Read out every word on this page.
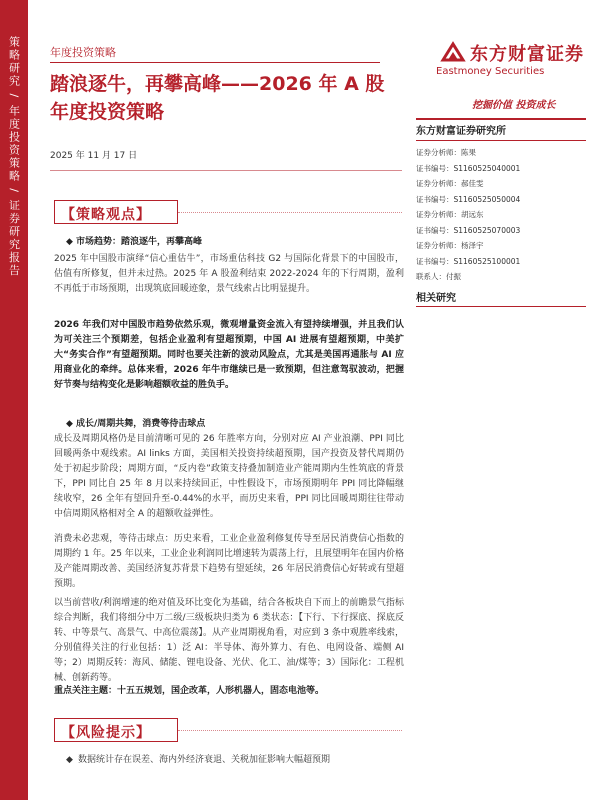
策略研究 / 年度投资策略 / 证券研究报告	年度投资策略	东方财富证券
Eastmoney Securities
挖掘价值 投资成长
踏浪逐牛，再攀高峰——2026 年 A 股年度投资策略
2025 年 11 月 17 日
【策略观点】
◆ 市场趋势：踏浪逐牛，再攀高峰
2025 年中国股市演绎“信心重估牛”，市场重估科技 G2 与国际化背景下的中国股市，估值有所修复，但并未过热。2025 年 A 股盈利结束 2022-2024 年的下行周期，盈利不再低于市场预期，出现筑底回暖迹象，景气线索占比明显提升。
2026 年我们对中国股市趋势依然乐观，微观增量资金流入有望持续增强，并且我们认为可关注三个预期差，包括企业盈利有望超预期，中国 AI 进展有望超预期，中美扩大“务实合作”有望超预期。同时也要关注新的波动风险点，尤其是美国再通胀与 AI 应用商业化的牵绊。总体来看，2026 年牛市继续已是一致预期，但注意驾驭波动，把握好节奏与结构变化是影响超额收益的胜负手。
◆ 成长/周期共舞，消费等待击球点
成长及周期风格仍是目前清晰可见的 26 年胜率方向，分别对应 AI 产业浪潮、PPI 同比回暖两条中观线索。AI links 方面，美国相关投资持续超预期，国产投资及替代周期仍处于初起步阶段；周期方面，“反内卷”政策支持叠加制造业产能周期内生性筑底的背景下，PPI 同比自 25 年 8 月以来持续回正，中性假设下，市场预期明年 PPI 同比降幅继续收窄，26 全年有望回升至-0.44%的水平，而历史来看，PPI 同比回暖周期往往带动中信周期风格相对全 A 的超额收益弹性。
消费未必悲观，等待击球点：历史来看，工业企业盈利修复传导至居民消费信心指数的周期约 1 年。25 年以来，工业企业利润同比增速转为震荡上行，且展望明年在国内价格及产能周期改善、美国经济复苏背景下趋势有望延续，26 年居民消费信心好转或有望超预期。
以当前营收/利润增速的绝对值及环比变化为基础，结合各板块自下而上的前瞻景气指标综合判断，我们将细分中万二级/三级板块归类为 6 类状态：【下行、下行探底、探底反转、中等景气、高景气、中高位震荡】。从产业周期视角看，对应到 3 条中观胜率线索，分别值得关注的行业包括：1）泛 AI：半导体、海外算力、有色、电网设备、端侧 AI 等；2）周期反转：海风、储能、锂电设备、光伏、化工、油/煤等；3）国际化：工程机械、创新药等。
重点关注主题：十五五规划，国企改革，人形机器人，固态电池等。
【风险提示】
◆ 数据统计存在误差、海内外经济衰退、关税加征影响大幅超预期
东方财富证券研究所
证券分析师：陈果
证书编号：S1160525040001
证券分析师：郝佳雯
证书编号：S1160525050004
证券分析师：胡远东
证书编号：S1160525070003
证券分析师：杨泽宇
证书编号：S1160525100001
联系人：付振
相关研究
